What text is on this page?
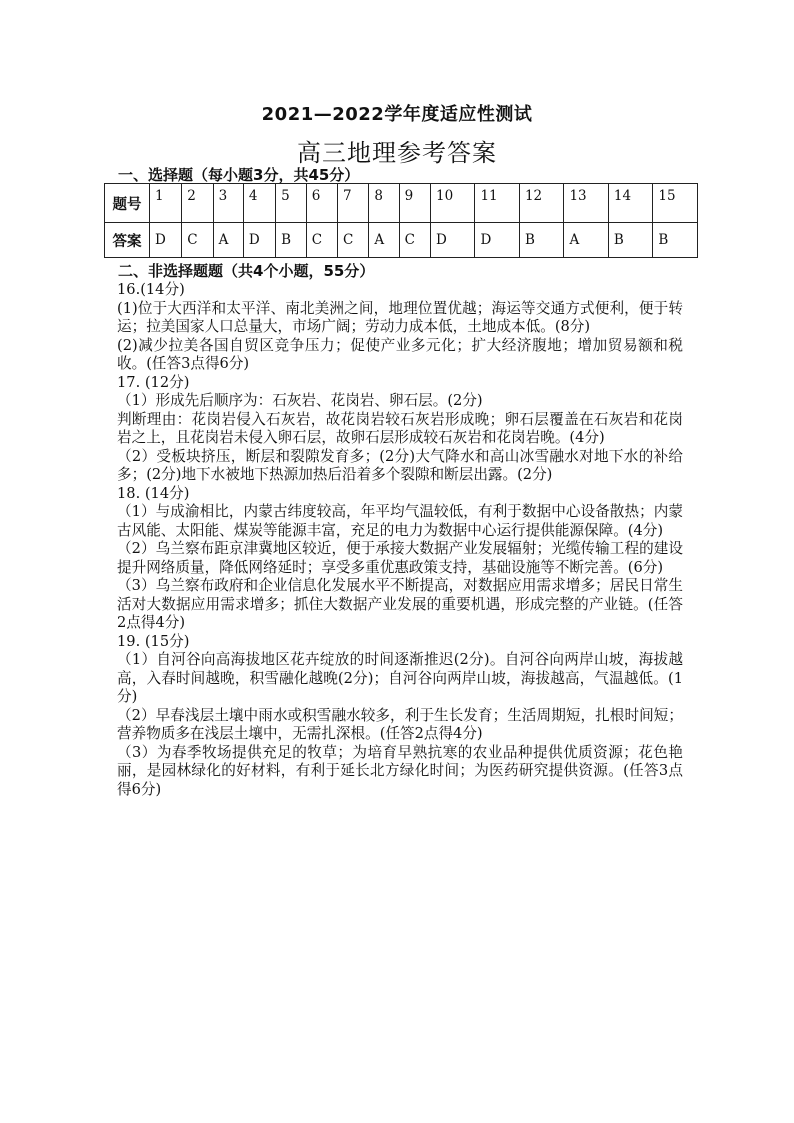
2021—2022学年度适应性测试
高三地理参考答案
一、选择题（每小题3分，共45分）
题号	1	2	3	4	5	6	7	8	9	10	11	12	13	14	15
答案	D	C	A	D	B	C	C	A	C	D	D	B	A	B	B
二、非选择题题（共4个小题，55分）

16.(14分)

(1)位于大西洋和太平洋、南北美洲之间，地理位置优越；海运等交通方式便利，便于转运；拉美国家人口总量大，市场广阔；劳动力成本低，土地成本低。(8分)

(2)减少拉美各国自贸区竞争压力；促使产业多元化；扩大经济腹地；增加贸易额和税收。(任答3点得6分)

17. (12分)

（1）形成先后顺序为：石灰岩、花岗岩、卵石层。(2分)

判断理由：花岗岩侵入石灰岩，故花岗岩较石灰岩形成晚；卵石层覆盖在石灰岩和花岗岩之上，且花岗岩未侵入卵石层，故卵石层形成较石灰岩和花岗岩晚。(4分)

（2）受板块挤压，断层和裂隙发育多；(2分)大气降水和高山冰雪融水对地下水的补给多；(2分)地下水被地下热源加热后沿着多个裂隙和断层出露。(2分)

18. (14分)

（1）与成渝相比，内蒙古纬度较高，年平均气温较低，有利于数据中心设备散热；内蒙古风能、太阳能、煤炭等能源丰富，充足的电力为数据中心运行提供能源保障。(4分)

（2）乌兰察布距京津冀地区较近，便于承接大数据产业发展辐射；光缆传输工程的建设提升网络质量，降低网络延时；享受多重优惠政策支持，基础设施等不断完善。(6分)

（3）乌兰察布政府和企业信息化发展水平不断提高，对数据应用需求增多；居民日常生活对大数据应用需求增多；抓住大数据产业发展的重要机遇，形成完整的产业链。(任答2点得4分)

19. (15分)

（1）自河谷向高海拔地区花卉绽放的时间逐渐推迟(2分)。自河谷向两岸山坡，海拔越高，入春时间越晚，积雪融化越晚(2分)；自河谷向两岸山坡，海拔越高，气温越低。(1分)

（2）早春浅层土壤中雨水或积雪融水较多，利于生长发育；生活周期短，扎根时间短；营养物质多在浅层土壤中，无需扎深根。(任答2点得4分)

（3）为春季牧场提供充足的牧草；为培育早熟抗寒的农业品种提供优质资源；花色艳丽，是园林绿化的好材料，有利于延长北方绿化时间；为医药研究提供资源。(任答3点得6分)
